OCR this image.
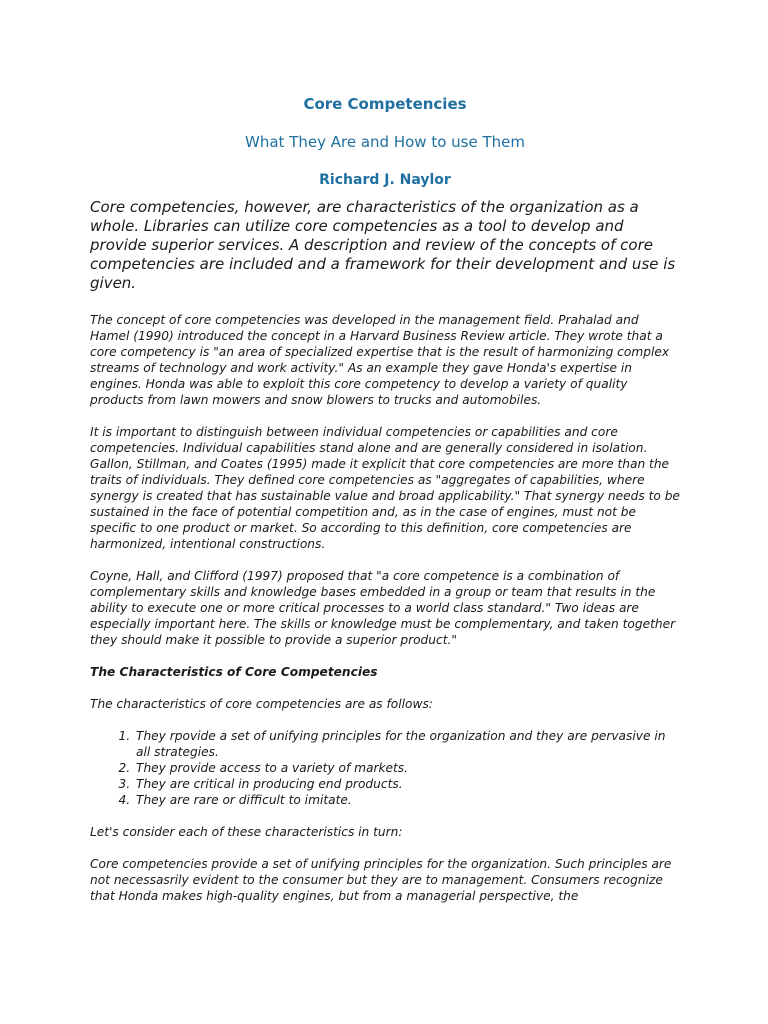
Core Competencies
What They Are and How to use Them
Richard J. Naylor

Core competencies, however, are characteristics of the organization as a whole. Libraries can utilize core competencies as a tool to develop and provide superior services. A description and review of the concepts of core competencies are included and a framework for their development and use is given.

The concept of core competencies was developed in the management field. Prahalad and Hamel (1990) introduced the concept in a Harvard Business Review article. They wrote that a core competency is "an area of specialized expertise that is the result of harmonizing complex streams of technology and work activity." As an example they gave Honda's expertise in engines. Honda was able to exploit this core competency to develop a variety of quality products from lawn mowers and snow blowers to trucks and automobiles.

It is important to distinguish between individual competencies or capabilities and core competencies. Individual capabilities stand alone and are generally considered in isolation. Gallon, Stillman, and Coates (1995) made it explicit that core competencies are more than the traits of individuals. They defined core competencies as "aggregates of capabilities, where synergy is created that has sustainable value and broad applicability." That synergy needs to be sustained in the face of potential competition and, as in the case of engines, must not be specific to one product or market. So according to this definition, core competencies are harmonized, intentional constructions.

Coyne, Hall, and Clifford (1997) proposed that "a core competence is a combination of complementary skills and knowledge bases embedded in a group or team that results in the ability to execute one or more critical processes to a world class standard." Two ideas are especially important here. The skills or knowledge must be complementary, and taken together they should make it possible to provide a superior product."

The Characteristics of Core Competencies

The characteristics of core competencies are as follows:

1. They rpovide a set of unifying principles for the organization and they are pervasive in all strategies.
2. They provide access to a variety of markets.
3. They are critical in producing end products.
4. They are rare or difficult to imitate.

Let's consider each of these characteristics in turn:

Core competencies provide a set of unifying principles for the organization. Such principles are not necessasrily evident to the consumer but they are to management. Consumers recognize that Honda makes high-quality engines, but from a managerial perspective, the
